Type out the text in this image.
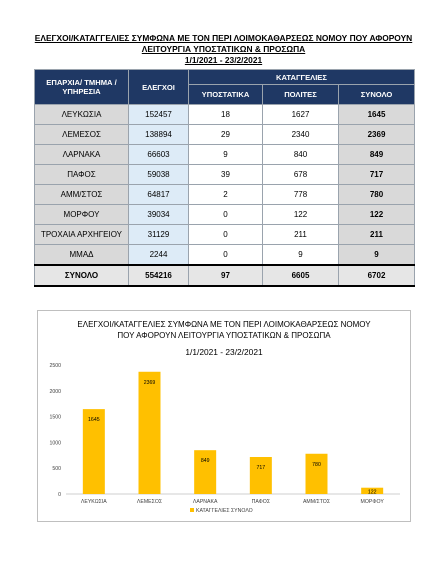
ΕΛΕΓΧΟΙ/ΚΑΤΑΓΓΕΛΙΕΣ ΣΥΜΦΩΝΑ ΜΕ ΤΟΝ ΠΕΡΙ ΛΟΙΜΟΚΑΘΑΡΣΕΩΣ ΝΟΜΟΥ ΠΟΥ ΑΦΟΡΟΥΝ
ΛΕΙΤΟΥΡΓΙΑ ΥΠΟΣΤΑΤΙΚΩΝ & ΠΡΟΣΩΠΑ
1/1/2021 - 23/2/2021
ΕΠΑΡΧΙΑ/ ΤΜΗΜΑ / ΥΠΗΡΕΣΙΑ	ΕΛΕΓΧΟΙ	ΚΑΤΑΓΓΕΛΙΕΣ		
		ΥΠΟΣΤΑΤΙΚΑ	ΠΟΛΙΤΕΣ	ΣΥΝΟΛΟ
ΛΕΥΚΩΣΙΑ	152457	18	1627	1645
ΛΕΜΕΣΟΣ	138894	29	2340	2369
ΛΑΡΝΑΚΑ	66603	9	840	849
ΠΑΦΟΣ	59038	39	678	717
ΑΜΜ/ΣΤΟΣ	64817	2	778	780
ΜΟΡΦΟΥ	39034	0	122	122
ΤΡΟΧΑΙΑ ΑΡΧΗΓΕΙΟΥ	31129	0	211	211
ΜΜΑΔ	2244	0	9	9
ΣΥΝΟΛΟ	554216	97	6605	6702
ΕΛΕΓΧΟΙ/ΚΑΤΑΓΓΕΛΙΕΣ ΣΥΜΦΩΝΑ ΜΕ ΤΟΝ ΠΕΡΙ ΛΟΙΜΟΚΑΘΑΡΣΕΩΣ ΝΟΜΟΥ
ΠΟΥ ΑΦΟΡΟΥΝ ΛΕΙΤΟΥΡΓΙΑ ΥΠΟΣΤΑΤΙΚΩΝ & ΠΡΟΣΩΠΑ
1/1/2021 - 23/2/2021
0
500
1000
1500
2000
2500
1645
ΛΕΥΚΩΣΙΑ
2369
ΛΕΜΕΣΟΣ
849
ΛΑΡΝΑΚΑ
717
ΠΑΦΟΣ
780
ΑΜΜ/ΣΤΟΣ
122
ΜΟΡΦΟΥ
ΚΑΤΑΓΓΕΛΙΕΣ ΣΥΝΟΛΟ
